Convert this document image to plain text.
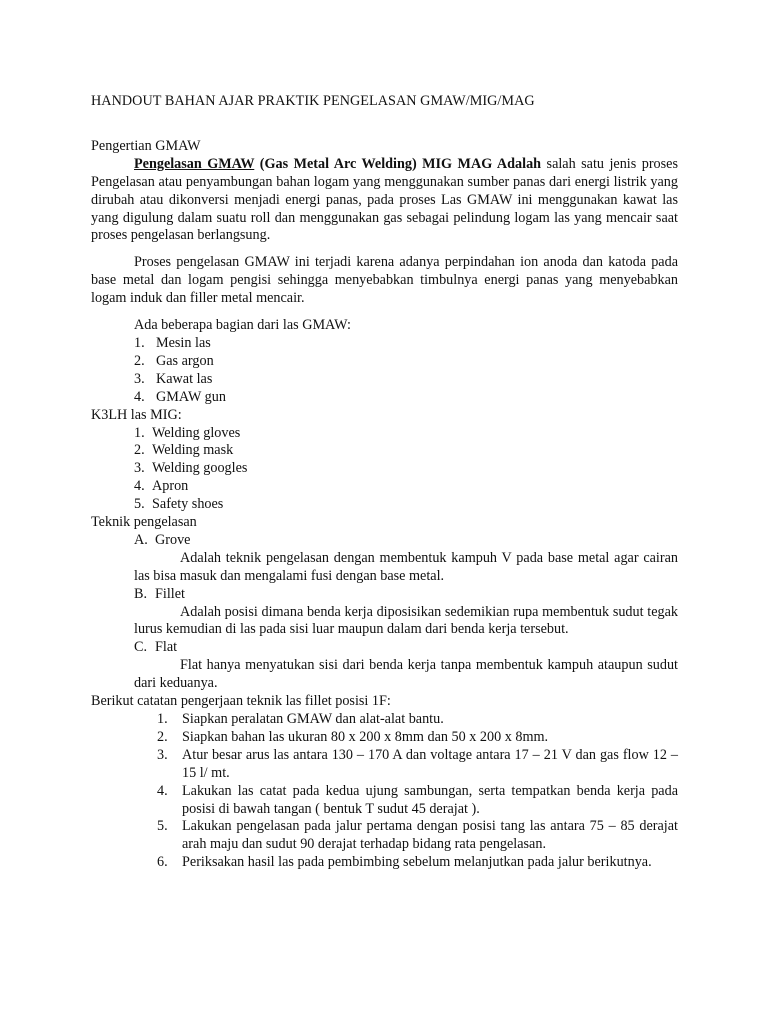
HANDOUT BAHAN AJAR PRAKTIK PENGELASAN GMAW/MIG/MAG

Pengertian GMAW

Pengelasan GMAW (Gas Metal Arc Welding) MIG MAG Adalah salah satu jenis proses Pengelasan atau penyambungan bahan logam yang menggunakan sumber panas dari energi listrik yang dirubah atau dikonversi menjadi energi panas, pada proses Las GMAW ini menggunakan kawat las yang digulung dalam suatu roll dan menggunakan gas sebagai pelindung logam las yang mencair saat proses pengelasan berlangsung.

Proses pengelasan GMAW ini terjadi karena adanya perpindahan ion anoda dan katoda pada base metal dan logam pengisi sehingga menyebabkan timbulnya energi panas yang menyebabkan logam induk dan filler metal mencair.

Ada beberapa bagian dari las GMAW:

1. Mesin las
2. Gas argon
3. Kawat las
4. GMAW gun

K3LH las MIG:

1. Welding gloves
2. Welding mask
3. Welding googles
4. Apron
5. Safety shoes

Teknik pengelasan

A. Grove

Adalah teknik pengelasan dengan membentuk kampuh V pada base metal agar cairan las bisa masuk dan mengalami fusi dengan base metal.

B. Fillet

Adalah posisi dimana benda kerja diposisikan sedemikian rupa membentuk sudut tegak lurus kemudian di las pada sisi luar maupun dalam dari benda kerja tersebut.

C. Flat

Flat hanya menyatukan sisi dari benda kerja tanpa membentuk kampuh ataupun sudut dari keduanya.

Berikut catatan pengerjaan teknik las fillet posisi 1F:

1. Siapkan peralatan GMAW dan alat-alat bantu.
2. Siapkan bahan las ukuran 80 x 200 x 8mm dan 50 x 200 x 8mm.
3. Atur besar arus las antara 130 – 170 A dan voltage antara 17 – 21 V dan gas flow 12 – 15 l/ mt.
4. Lakukan las catat pada kedua ujung sambungan, serta tempatkan benda kerja pada posisi di bawah tangan ( bentuk T sudut 45 derajat ).
5. Lakukan pengelasan pada jalur pertama dengan posisi tang las antara 75 – 85 derajat arah maju dan sudut 90 derajat terhadap bidang rata pengelasan.
6. Periksakan hasil las pada pembimbing sebelum melanjutkan pada jalur berikutnya.
